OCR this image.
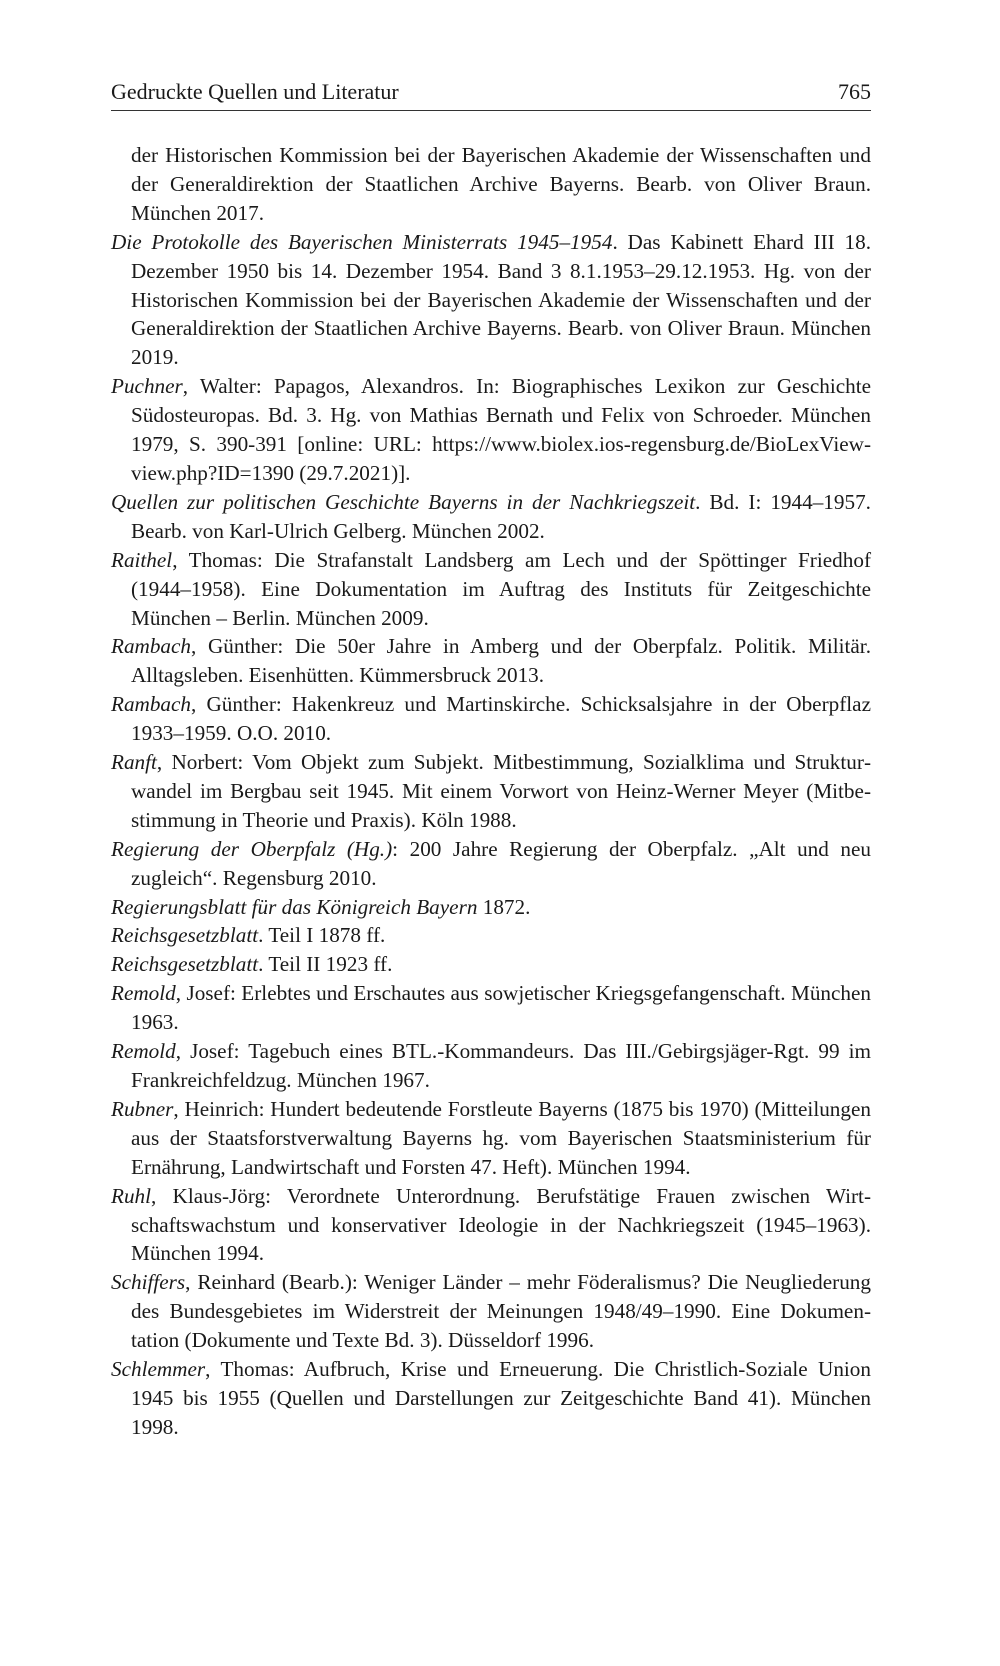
Gedruckte Quellen und Literatur	765

der Historischen Kommission bei der Bayerischen Akademie der Wissenschaften und der Generaldirektion der Staatlichen Archive Bayerns. Bearb. von Oliver Braun. München 2017.

Die Protokolle des Bayerischen Ministerrats 1945–1954. Das Kabinett Ehard III 18. Dezember 1950 bis 14. Dezember 1954. Band 3 8.1.1953–29.12.1953. Hg. von der Historischen Kommission bei der Bayerischen Akademie der Wissenschaften und der Generaldirektion der Staatlichen Archive Bayerns. Bearb. von Oliver Braun. München 2019.

Puchner, Walter: Papagos, Alexandros. In: Biographisches Lexikon zur Geschichte Südosteuropas. Bd. 3. Hg. von Mathias Bernath und Felix von Schroeder. München 1979, S. 390-391 [online: URL: https://www.biolex.ios-regensburg.de/BioLexViewview.php?ID=1390 (29.7.2021)].

Quellen zur politischen Geschichte Bayerns in der Nachkriegszeit. Bd. I: 1944–1957. Bearb. von Karl-Ulrich Gelberg. München 2002.

Raithel, Thomas: Die Strafanstalt Landsberg am Lech und der Spöttinger Friedhof (1944–1958). Eine Dokumentation im Auftrag des Instituts für Zeitgeschichte München – Berlin. München 2009.

Rambach, Günther: Die 50er Jahre in Amberg und der Oberpfalz. Politik. Militär. Alltagsleben. Eisenhütten. Kümmersbruck 2013.

Rambach, Günther: Hakenkreuz und Martinskirche. Schicksalsjahre in der Oberpflaz 1933–1959. O.O. 2010.

Ranft, Norbert: Vom Objekt zum Subjekt. Mitbestimmung, Sozialklima und Strukturwandel im Bergbau seit 1945. Mit einem Vorwort von Heinz-Werner Meyer (Mitbestimmung in Theorie und Praxis). Köln 1988.

Regierung der Oberpfalz (Hg.): 200 Jahre Regierung der Oberpfalz. „Alt und neu zugleich“. Regensburg 2010.

Regierungsblatt für das Königreich Bayern 1872.

Reichsgesetzblatt. Teil I 1878 ff.

Reichsgesetzblatt. Teil II 1923 ff.

Remold, Josef: Erlebtes und Erschautes aus sowjetischer Kriegsgefangenschaft. München 1963.

Remold, Josef: Tagebuch eines BTL.-Kommandeurs. Das III./Gebirgsjäger-Rgt. 99 im Frankreichfeldzug. München 1967.

Rubner, Heinrich: Hundert bedeutende Forstleute Bayerns (1875 bis 1970) (Mitteilungen aus der Staatsforstverwaltung Bayerns hg. vom Bayerischen Staatsministerium für Ernährung, Landwirtschaft und Forsten 47. Heft). München 1994.

Ruhl, Klaus-Jörg: Verordnete Unterordnung. Berufstätige Frauen zwischen Wirtschaftswachstum und konservativer Ideologie in der Nachkriegszeit (1945–1963). München 1994.

Schiffers, Reinhard (Bearb.): Weniger Länder – mehr Föderalismus? Die Neugliederung des Bundesgebietes im Widerstreit der Meinungen 1948/49–1990. Eine Dokumentation (Dokumente und Texte Bd. 3). Düsseldorf 1996.

Schlemmer, Thomas: Aufbruch, Krise und Erneuerung. Die Christlich-Soziale Union 1945 bis 1955 (Quellen und Darstellungen zur Zeitgeschichte Band 41). München 1998.
